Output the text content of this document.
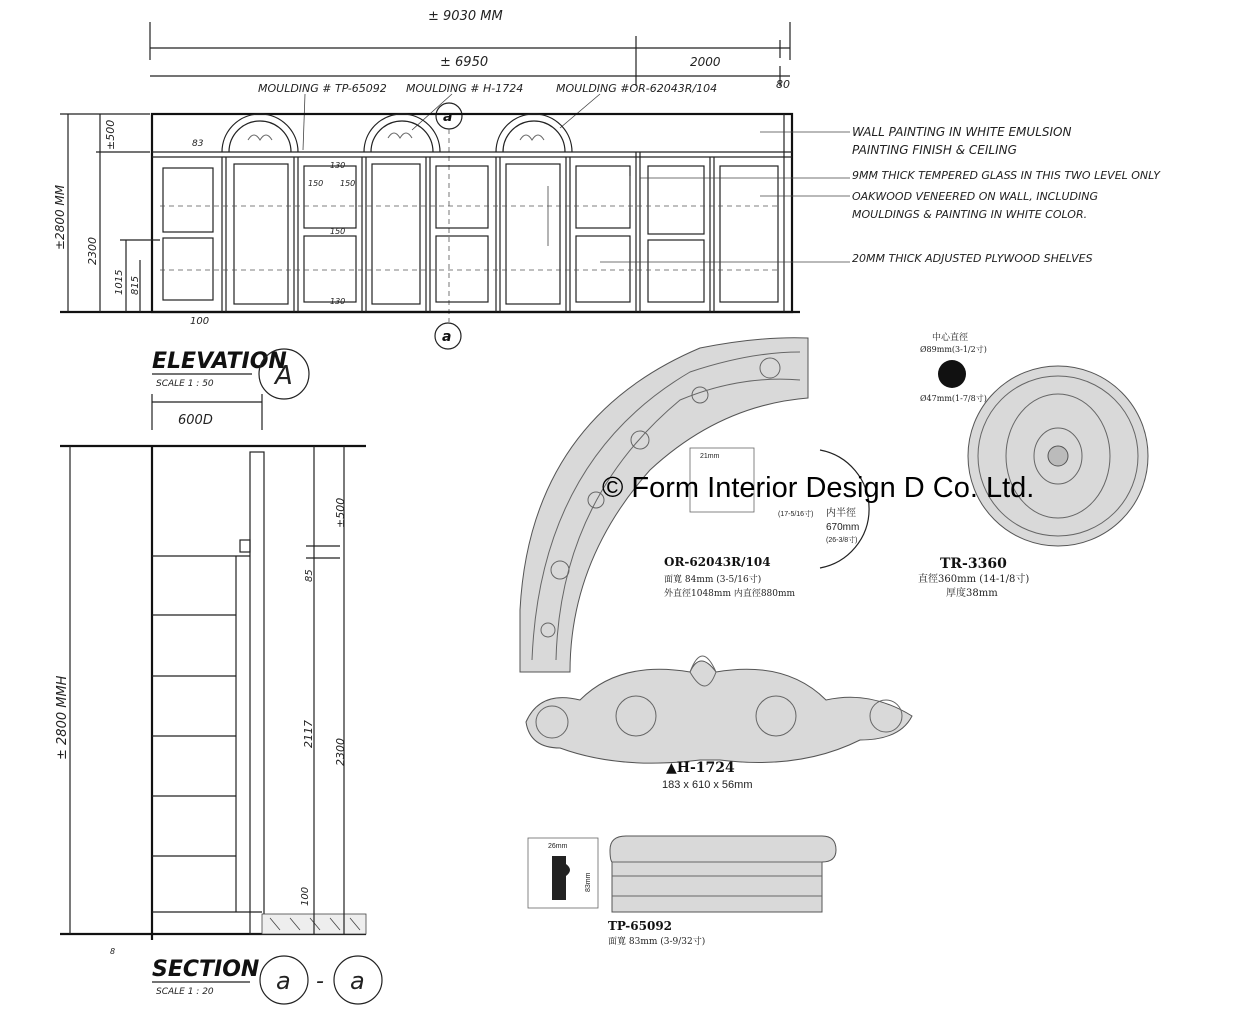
± 9030 MM
± 6950	2000
80
MOULDING # TP-65092 MOULDING # H-1724	MOULDING #OR-62043R/104
a
a
±2800 MM
2300
±500
1015 815
83
100
130
150 150
150
130
WALL PAINTING IN WHITE EMULSION
PAINTING FINISH & CEILING
9MM THICK TEMPERED GLASS IN THIS TWO LEVEL ONLY
OAKWOOD VENEERED ON WALL, INCLUDING
MOULDINGS & PAINTING IN WHITE COLOR.
20MM THICK ADJUSTED PLYWOOD SHELVES
ELEVATION
SCALE 1 : 50 A
600D
± 2800 MMH
±500
85
2117
2300
100
8
SECTION
SCALE 1 : 20	a - a
21mm
(17-5/16寸) 内半徑
670mm
(26-3/8寸)
OR-62043R/104
面寬 84mm (3-5/16寸)
外直徑1048mm 内直徑880mm
中心直徑
Ø89mm(3-1/2寸)
Ø47mm(1-7/8寸)
TR-3360
直徑360mm (14-1/8寸)
厚度38mm
▲H-1724
183 x 610 x 56mm
26mm
83mm
TP-65092
面寬 83mm (3-9/32寸)
© Form Interior Design D Co. Ltd.
